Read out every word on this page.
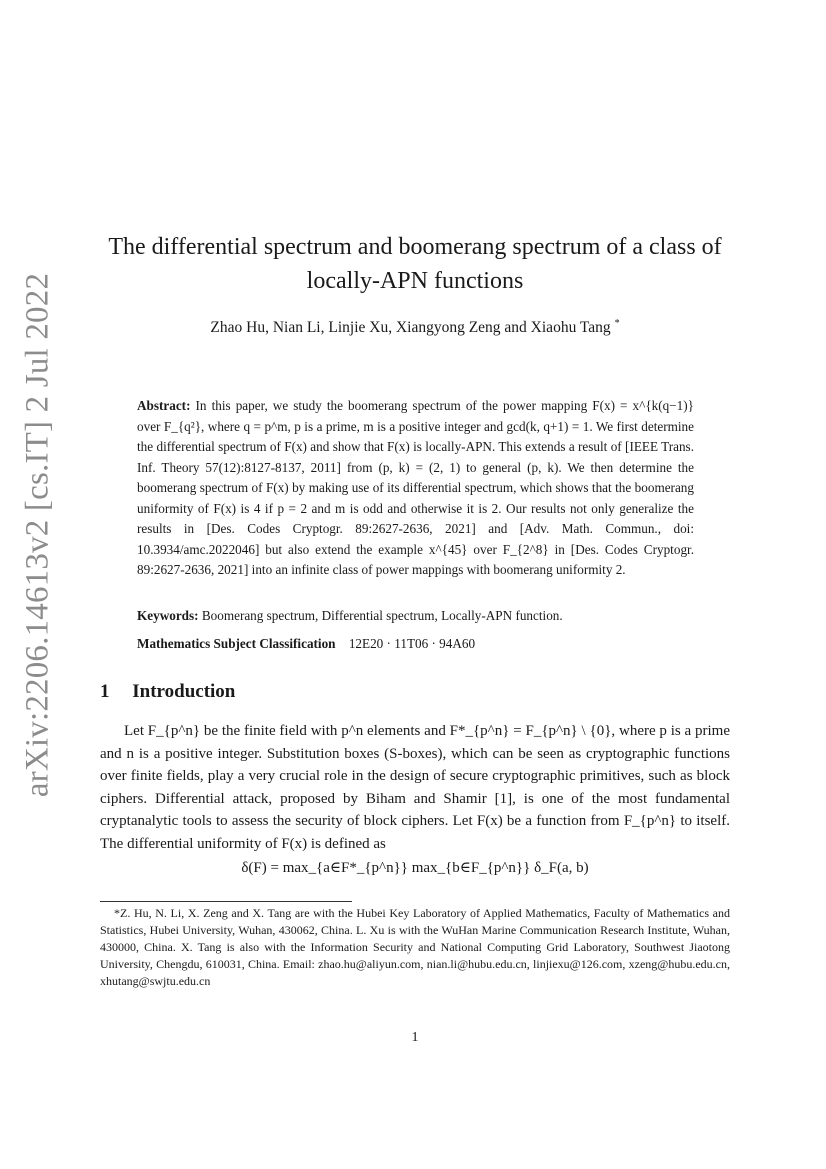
arXiv:2206.14613v2 [cs.IT] 2 Jul 2022
The differential spectrum and boomerang spectrum of a class of
locally-APN functions
Zhao Hu, Nian Li, Linjie Xu, Xiangyong Zeng and Xiaohu Tang *

Abstract: In this paper, we study the boomerang spectrum of the power mapping F(x) = x^{k(q−1)} over F_{q²}, where q = p^m, p is a prime, m is a positive integer and gcd(k, q+1) = 1. We first determine the differential spectrum of F(x) and show that F(x) is locally-APN. This extends a result of [IEEE Trans. Inf. Theory 57(12):8127-8137, 2011] from (p, k) = (2, 1) to general (p, k). We then determine the boomerang spectrum of F(x) by making use of its differential spectrum, which shows that the boomerang uniformity of F(x) is 4 if p = 2 and m is odd and otherwise it is 2. Our results not only generalize the results in [Des. Codes Cryptogr. 89:2627-2636, 2021] and [Adv. Math. Commun., doi: 10.3934/amc.2022046] but also extend the example x^{45} over F_{2^8} in [Des. Codes Cryptogr. 89:2627-2636, 2021] into an infinite class of power mappings with boomerang uniformity 2.

Keywords: Boomerang spectrum, Differential spectrum, Locally-APN function.
Mathematics Subject Classification 12E20 · 11T06 · 94A60
1 Introduction

Let F_{p^n} be the finite field with p^n elements and F*_{p^n} = F_{p^n} \ {0}, where p is a prime and n is a positive integer. Substitution boxes (S-boxes), which can be seen as cryptographic functions over finite fields, play a very crucial role in the design of secure cryptographic primitives, such as block ciphers. Differential attack, proposed by Biham and Shamir [1], is one of the most fundamental cryptanalytic tools to assess the security of block ciphers. Let F(x) be a function from F_{p^n} to itself. The differential uniformity of F(x) is defined as

δ(F) = max_{a∈F*_{p^n}} max_{b∈F_{p^n}} δ_F(a, b)

*Z. Hu, N. Li, X. Zeng and X. Tang are with the Hubei Key Laboratory of Applied Mathematics, Faculty of Mathematics and Statistics, Hubei University, Wuhan, 430062, China. L. Xu is with the WuHan Marine Communication Research Institute, Wuhan, 430000, China. X. Tang is also with the Information Security and National Computing Grid Laboratory, Southwest Jiaotong University, Chengdu, 610031, China. Email: zhao.hu@aliyun.com, nian.li@hubu.edu.cn, linjiexu@126.com, xzeng@hubu.edu.cn, xhutang@swjtu.edu.cn

1
